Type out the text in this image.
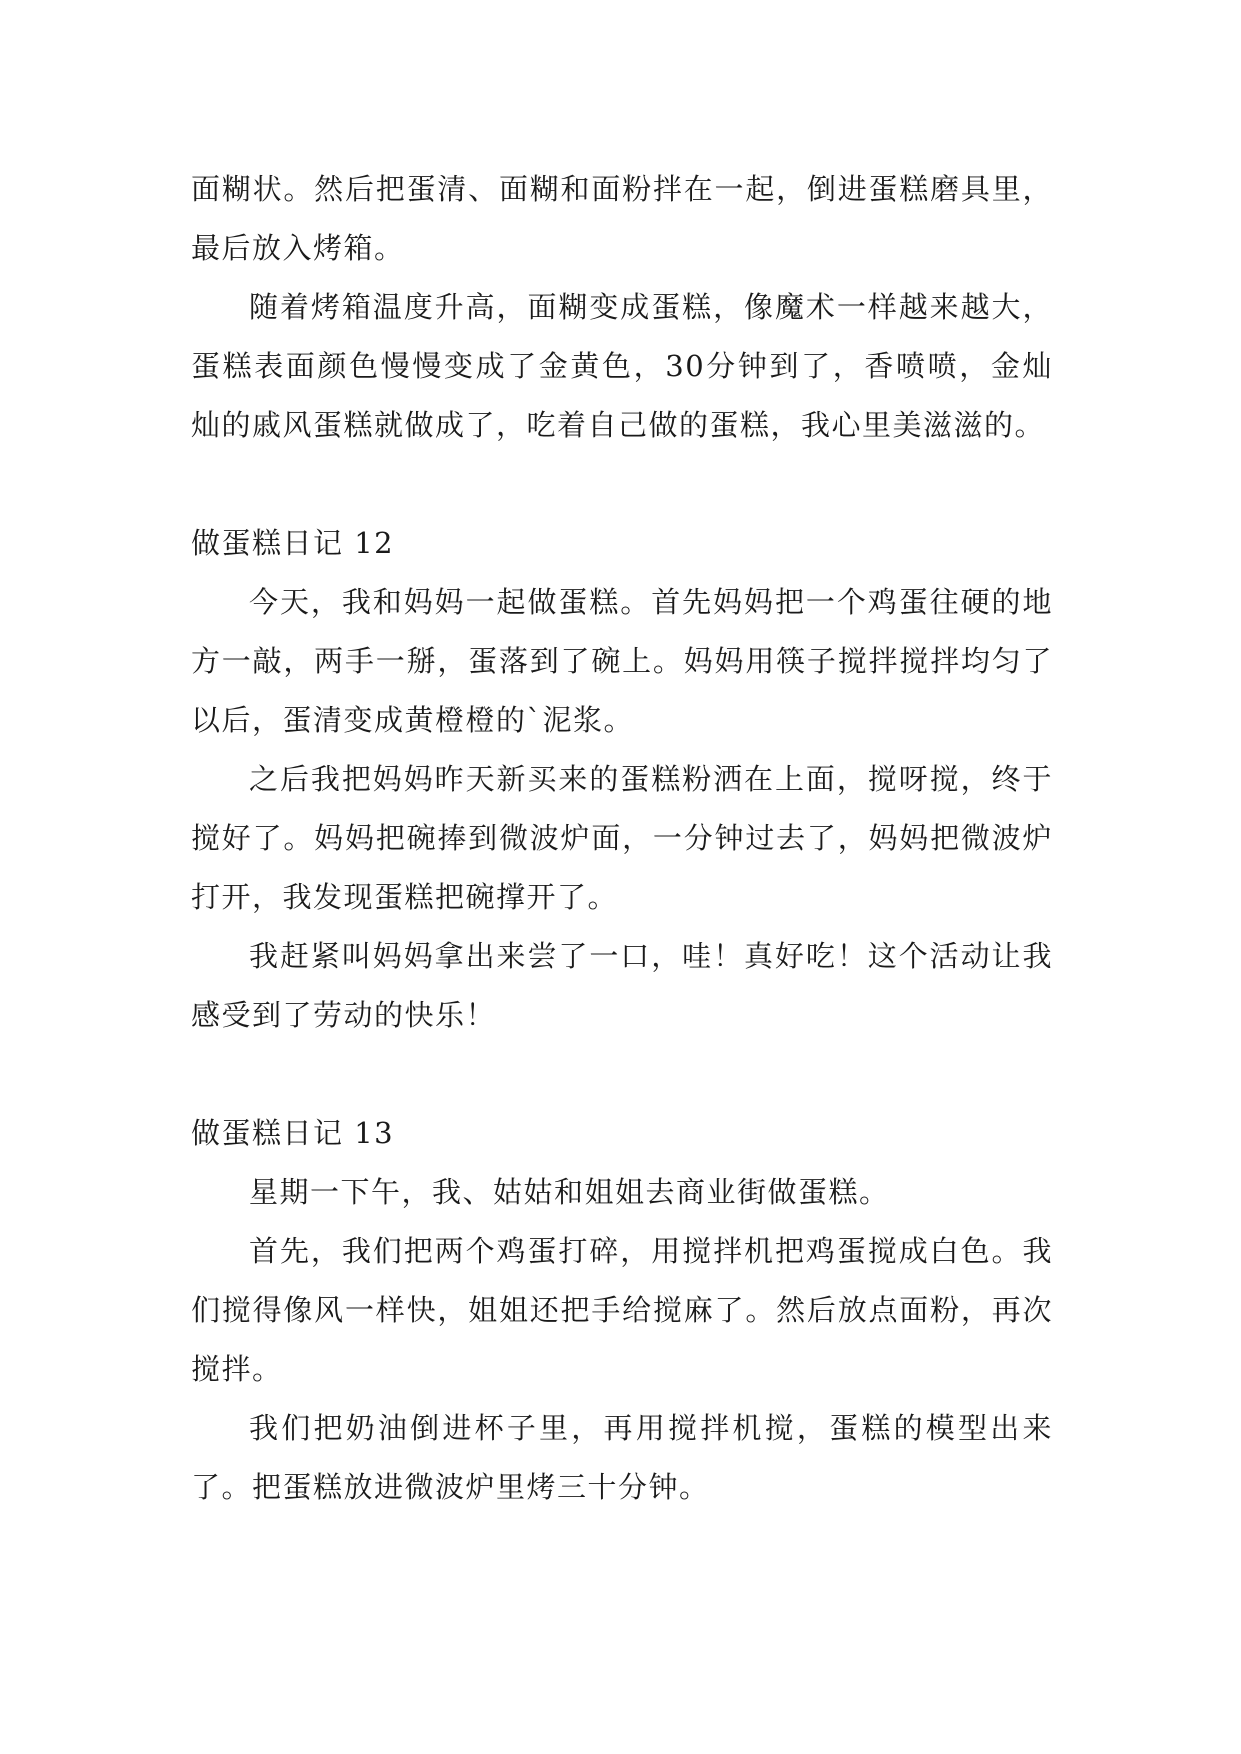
面糊状。然后把蛋清、面糊和面粉拌在一起，倒进蛋糕磨具里，最后放入烤箱。

随着烤箱温度升高，面糊变成蛋糕，像魔术一样越来越大，蛋糕表面颜色慢慢变成了金黄色，30分钟到了，香喷喷，金灿灿的戚风蛋糕就做成了，吃着自己做的蛋糕，我心里美滋滋的。

做蛋糕日记 12

今天，我和妈妈一起做蛋糕。首先妈妈把一个鸡蛋往硬的地方一敲，两手一掰，蛋落到了碗上。妈妈用筷子搅拌搅拌均匀了以后，蛋清变成黄橙橙的`泥浆。

之后我把妈妈昨天新买来的蛋糕粉洒在上面，搅呀搅，终于搅好了。妈妈把碗捧到微波炉面，一分钟过去了，妈妈把微波炉打开，我发现蛋糕把碗撑开了。

我赶紧叫妈妈拿出来尝了一口，哇！真好吃！这个活动让我感受到了劳动的快乐！

做蛋糕日记 13

星期一下午，我、姑姑和姐姐去商业街做蛋糕。

首先，我们把两个鸡蛋打碎，用搅拌机把鸡蛋搅成白色。我们搅得像风一样快，姐姐还把手给搅麻了。然后放点面粉，再次搅拌。

我们把奶油倒进杯子里，再用搅拌机搅，蛋糕的模型出来了。把蛋糕放进微波炉里烤三十分钟。
